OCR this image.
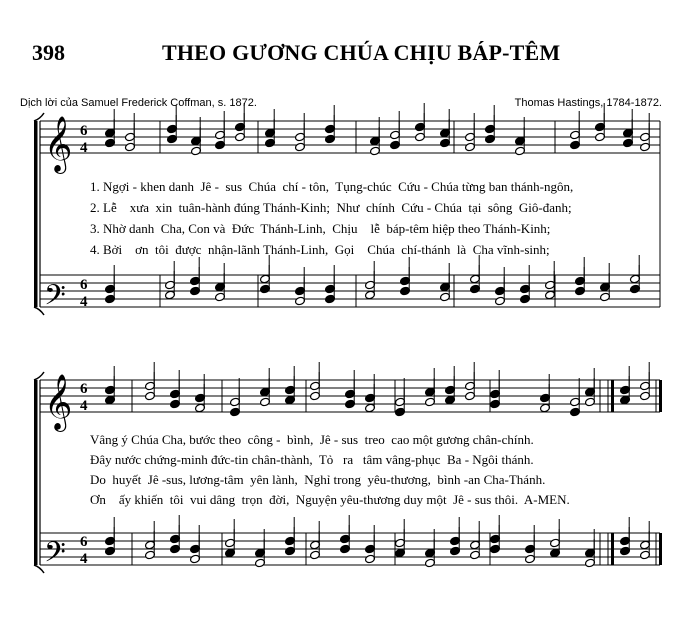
398	THEO GƯƠNG CHÚA CHỊU BÁP-TÊM
Dịch lời của Samuel Frederick Coffman, s. 1872.	Thomas Hastings, 1784-1872.
𝄞
𝄢
𝄞
𝄢
6
4
6
4
6
4
6
4
1. Ngợi - khen danh  Jê -  sus  Chúa  chí - tôn,  Tụng-chúc  Cứu - Chúa từng ban thánh-ngôn,
2. Lễ    xưa  xin  tuân-hành đúng Thánh-Kinh;  Như  chính  Cứu - Chúa  tại  sông  Giô-đanh;
3. Nhờ danh  Cha, Con và  Đức  Thánh-Linh,  Chịu    lễ  báp-têm hiệp theo Thánh-Kinh;
4. Bởi    ơn  tôi  được  nhận-lãnh Thánh-Linh,  Gọi    Chúa  chí-thánh  là  Cha vĩnh-sinh;
Vâng ý Chúa Cha, bước theo  công -  bình,  Jê - sus  treo  cao một gương chân-chính.
Đây nước chứng-minh đức-tin chân-thành,  Tỏ   ra   tâm vâng-phục  Ba - Ngôi thánh.
Do  huyết  Jê -sus, lương-tâm  yên lành,  Nghỉ trong  yêu-thương,  bình -an Cha-Thánh.
Ơn    ấy khiến  tôi  vui dâng  trọn  đời,  Nguyện yêu-thương duy một  Jê - sus thôi.  A-MEN.
